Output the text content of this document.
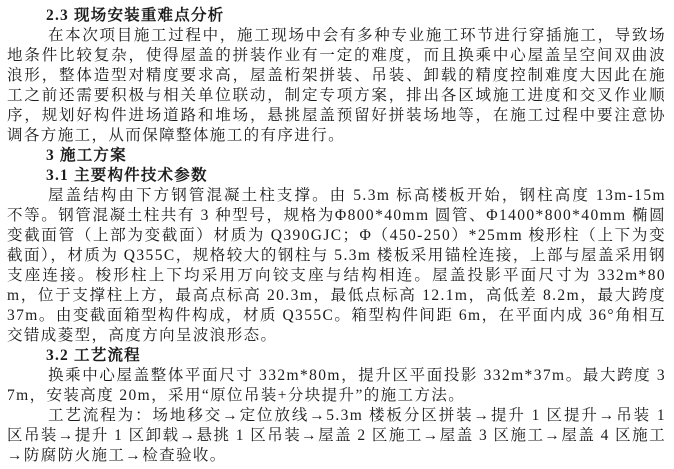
2.3 现场安装重难点分析

在本次项目施工过程中，施工现场中会有多种专业施工环节进行穿插施工，导致场地条件比较复杂，使得屋盖的拼装作业有一定的难度，而且换乘中心屋盖呈空间双曲波浪形，整体造型对精度要求高，屋盖桁架拼装、吊装、卸载的精度控制难度大因此在施工之前还需要积极与相关单位联动，制定专项方案，排出各区域施工进度和交叉作业顺序，规划好构件进场道路和堆场，悬挑屋盖预留好拼装场地等，在施工过程中要注意协调各方施工，从而保障整体施工的有序进行。

3 施工方案
3.1 主要构件技术参数

屋盖结构由下方钢管混凝土柱支撑。由 5.3m 标高楼板开始，钢柱高度 13m-15m 不等。钢管混凝土柱共有 3 种型号，规格为Φ800*40mm 圆管、Φ1400*800*40mm 椭圆变截面管（上部为变截面）材质为 Q390GJC；Φ（450-250）*25mm 梭形柱（上下为变截面），材质为 Q355C，规格较大的钢柱与 5.3m 楼板采用锚栓连接，上部与屋盖采用钢支座连接。梭形柱上下均采用万向铰支座与结构相连。屋盖投影平面尺寸为 332m*80m，位于支撑柱上方，最高点标高 20.3m，最低点标高 12.1m，高低差 8.2m，最大跨度 37m。由变截面箱型构件构成，材质 Q355C。箱型构件间距 6m，在平面内成 36°角相互交错成菱型，高度方向呈波浪形态。

3.2 工艺流程

换乘中心屋盖整体平面尺寸 332m*80m，提升区平面投影 332m*37m。最大跨度 37m，安装高度 20m，采用“原位吊装+分块提升”的施工方法。

工艺流程为：场地移交→定位放线→5.3m 楼板分区拼装→提升 1 区提升→吊装 1 区吊装→提升 1 区卸载→悬挑 1 区吊装→屋盖 2 区施工→屋盖 3 区施工→屋盖 4 区施工→防腐防火施工→检查验收。
